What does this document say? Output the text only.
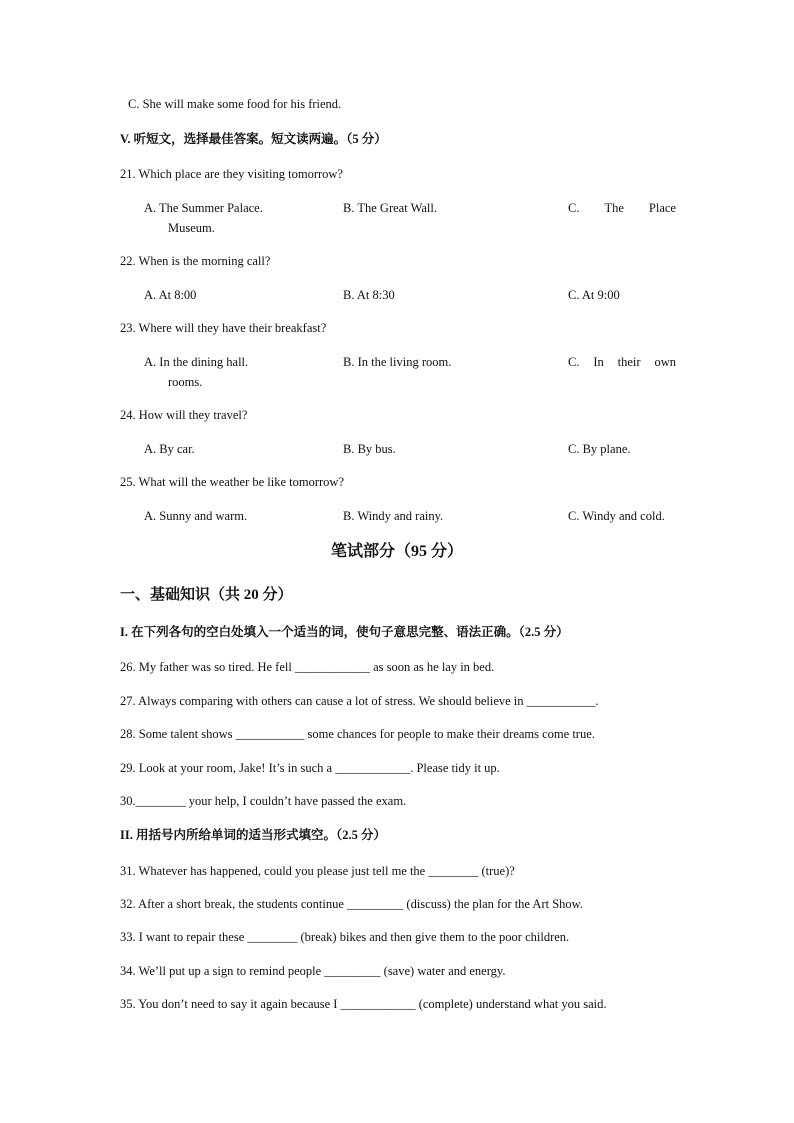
C. She will make some food for his friend.
V. 听短文，选择最佳答案。短文读两遍。（5 分）
21. Which place are they visiting tomorrow?
A. The Summer Palace.	B. The Great Wall.	C. The Place
Museum.
22. When is the morning call?
A. At 8:00	B. At 8:30	C. At 9:00
23. Where will they have their breakfast?
A. In the dining hall.	B. In the living room.	C. In their own
rooms.
24. How will they travel?
A. By car.	B. By bus.	C. By plane.
25. What will the weather be like tomorrow?
A. Sunny and warm.	B. Windy and rainy.	C. Windy and cold.
笔试部分（95 分）
一、基础知识（共 20 分）
I. 在下列各句的空白处填入一个适当的词，使句子意思完整、语法正确。（2.5 分）
26. My father was so tired. He fell ____________ as soon as he lay in bed.
27. Always comparing with others can cause a lot of stress. We should believe in ___________.
28. Some talent shows ___________ some chances for people to make their dreams come true.
29. Look at your room, Jake! It’s in such a ____________. Please tidy it up.
30.________ your help, I couldn’t have passed the exam.
II. 用括号内所给单词的适当形式填空。（2.5 分）
31. Whatever has happened, could you please just tell me the ________ (true)?
32. After a short break, the students continue _________ (discuss) the plan for the Art Show.
33. I want to repair these ________ (break) bikes and then give them to the poor children.
34. We’ll put up a sign to remind people _________ (save) water and energy.
35. You don’t need to say it again because I ____________ (complete) understand what you said.
